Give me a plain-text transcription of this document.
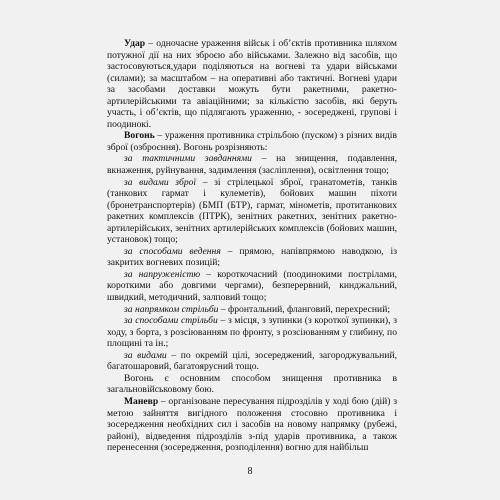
Удар – одночасне ураження військ і об’єктів противника шляхом потужної дії на них зброєю або військами. Залежно від засобів, що застосовуються,удари поділяються на вогневі та удари військами (силами); за масштабом – на оперативні або тактичні. Вогневі удари за засобами доставки можуть бути ракетними, ракетно-артилерійськими та авіаційними; за кількістю засобів, які беруть участь, і об’єктів, що підлягають ураженню, - зосереджені, групові і поодинокі.

Вогонь – ураження противника стрільбою (пуском) з різних видів зброї (озброєння). Вогонь розрізняють:

за тактичними завданнями – на знищення, подавлення, вкнаження, руйнування, задимлення (засліплення), освітлення тощо;

за видами зброї – зі стрілецької зброї, гранатометів, танків (танкових гармат і кулеметів), бойових машин піхоти (бронетранспортерів) (БМП (БТР), гармат, мінометів, протитанкових ракетних комплексів (ПТРК), зенітних ракетних, зенітних ракетно- артилерійських, зенітних артилерійських комплексів (бойових машин, установок) тощо;

за способами ведення – прямою, напівпрямою наводкою, із закритих вогневих позицій;

за напруженістю – короткочасний (поодинокими пострілами, короткими або довгими чергами), безперервний, кинджальний, швидкий, методичний, залповий тощо;

за напрямком стрільби – фронтальний, фланговий, перехресний;

за способами стрільби – з місця, з зупинки (з короткої зупинки), з ходу, з борта, з розсіюванням по фронту, з розсіюванням у глибину, по площині та ін.;

за видами – по окремій цілі, зосереджений, загороджувальний, багатошаровий, багатоярусний тощо.

Вогонь є основним способом знищення противника в загальновійськовому бою.

Маневр – організоване пересування підрозділів у ході бою (дій) з метою зайняття вигідного положення стосовно противника і зосередження необхідних сил і засобів на новому напрямку (рубежі, районі), відведення підрозділів з-під ударів противника, а також перенесення (зосередження, розподілення) вогню для найбільш

8
